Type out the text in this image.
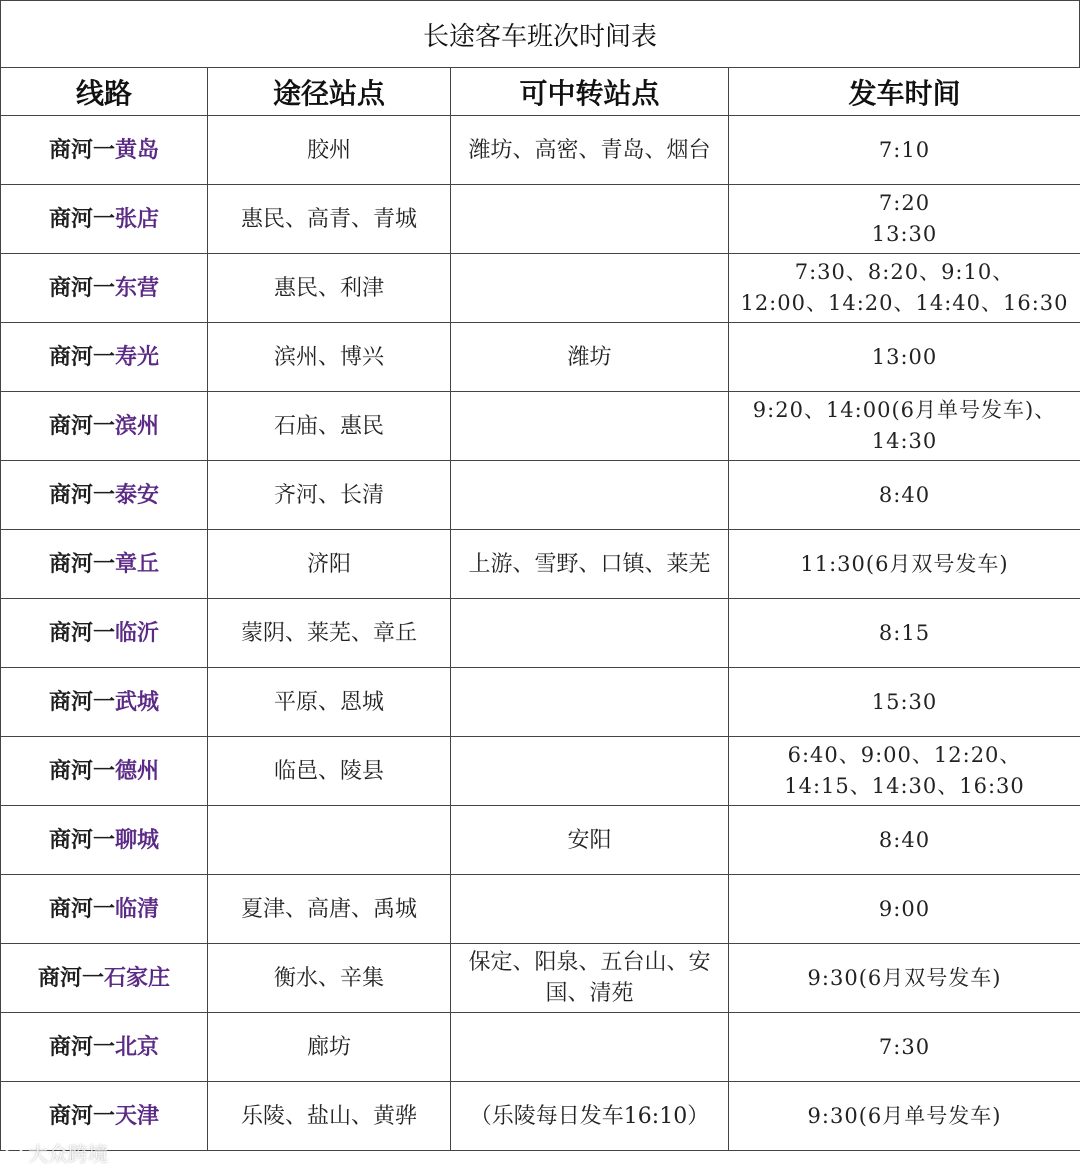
长途客车班次时间表
线路	途径站点	可中转站点	发车时间
商河一黄岛	胶州	潍坊、高密、青岛、烟台	7:10

商河一张店	惠民、高青、青城		7:20
13:30

商河一东营	惠民、利津		7:30、8:20、9:10、
12:00、14:20、14:40、16:30

商河一寿光	滨州、博兴	潍坊	13:00

商河一滨州	石庙、惠民		9:20、14:00(6月单号发车)、
14:30

商河一泰安	齐河、长清		8:40

商河一章丘	济阳	上游、雪野、口镇、莱芜	11:30(6月双号发车)

商河一临沂	蒙阴、莱芜、章丘		8:15

商河一武城	平原、恩城		15:30

商河一德州	临邑、陵县		6:40、9:00、12:20、
14:15、14:30、16:30

商河一聊城		安阳	8:40

商河一临清	夏津、高唐、禹城		9:00

商河一石家庄	衡水、辛集	保定、阳泉、五台山、安国、清苑	9:30(6月双号发车)

商河一北京	廊坊		7:30

商河一天津	乐陵、盐山、黄骅	（乐陵每日发车16:10）	9:30(6月单号发车)
大众跨境
